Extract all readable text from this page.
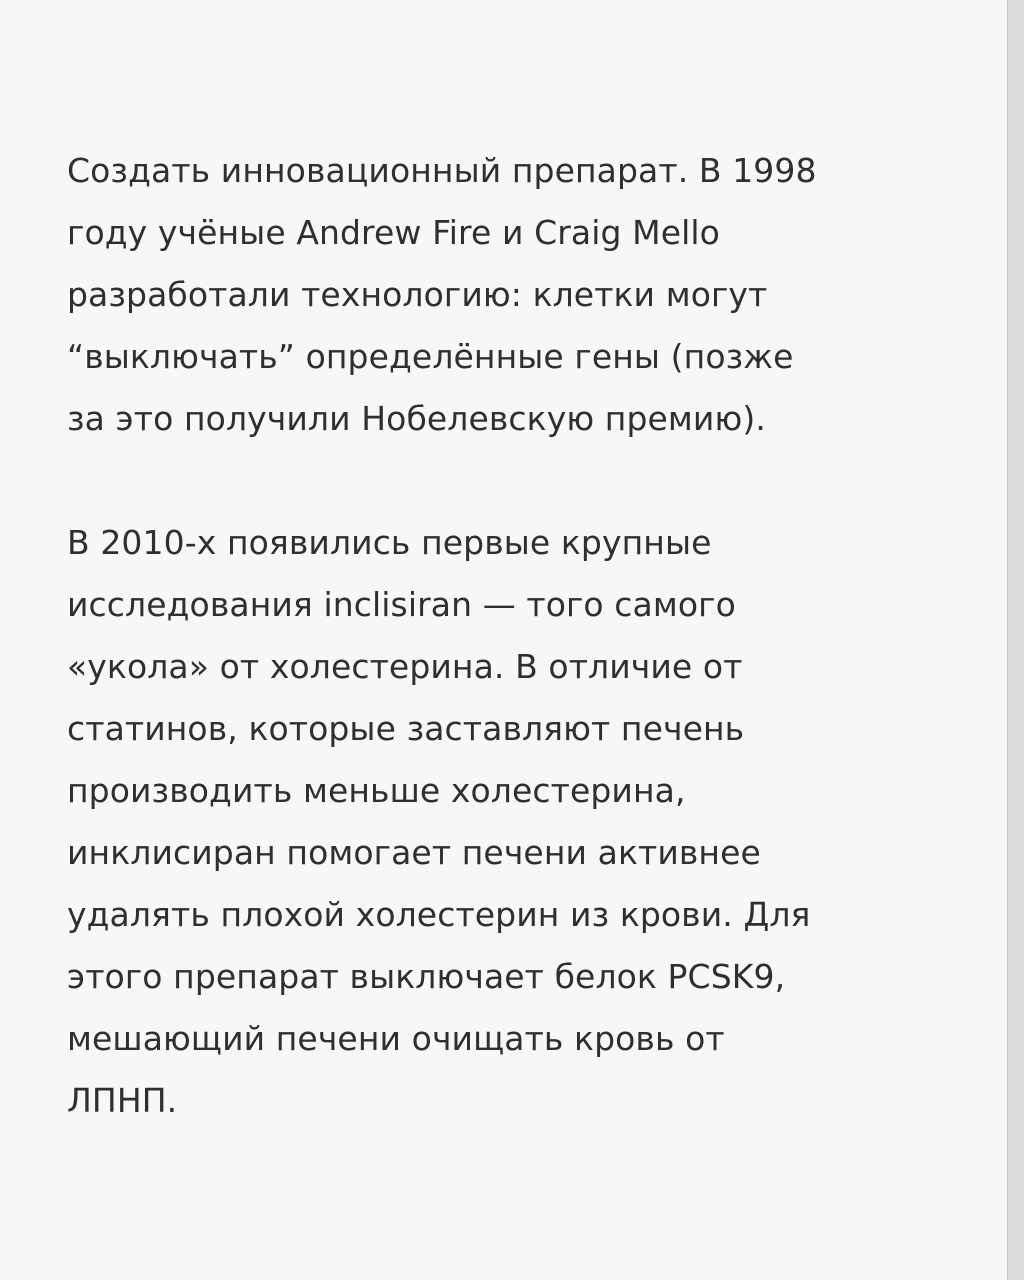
Создать инновационный препарат. В 1998
году учёные Andrew Fire и Craig Mello
разработали технологию: клетки могут
“выключать” определённые гены (позже
за это получили Нобелевскую премию).

В 2010-х появились первые крупные
исследования inclisiran — того самого
«укола» от холестерина. В отличие от
статинов, которые заставляют печень
производить меньше холестерина,
инклисиран помогает печени активнее
удалять плохой холестерин из крови. Для
этого препарат выключает белок PCSK9,
мешающий печени очищать кровь от
ЛПНП.
